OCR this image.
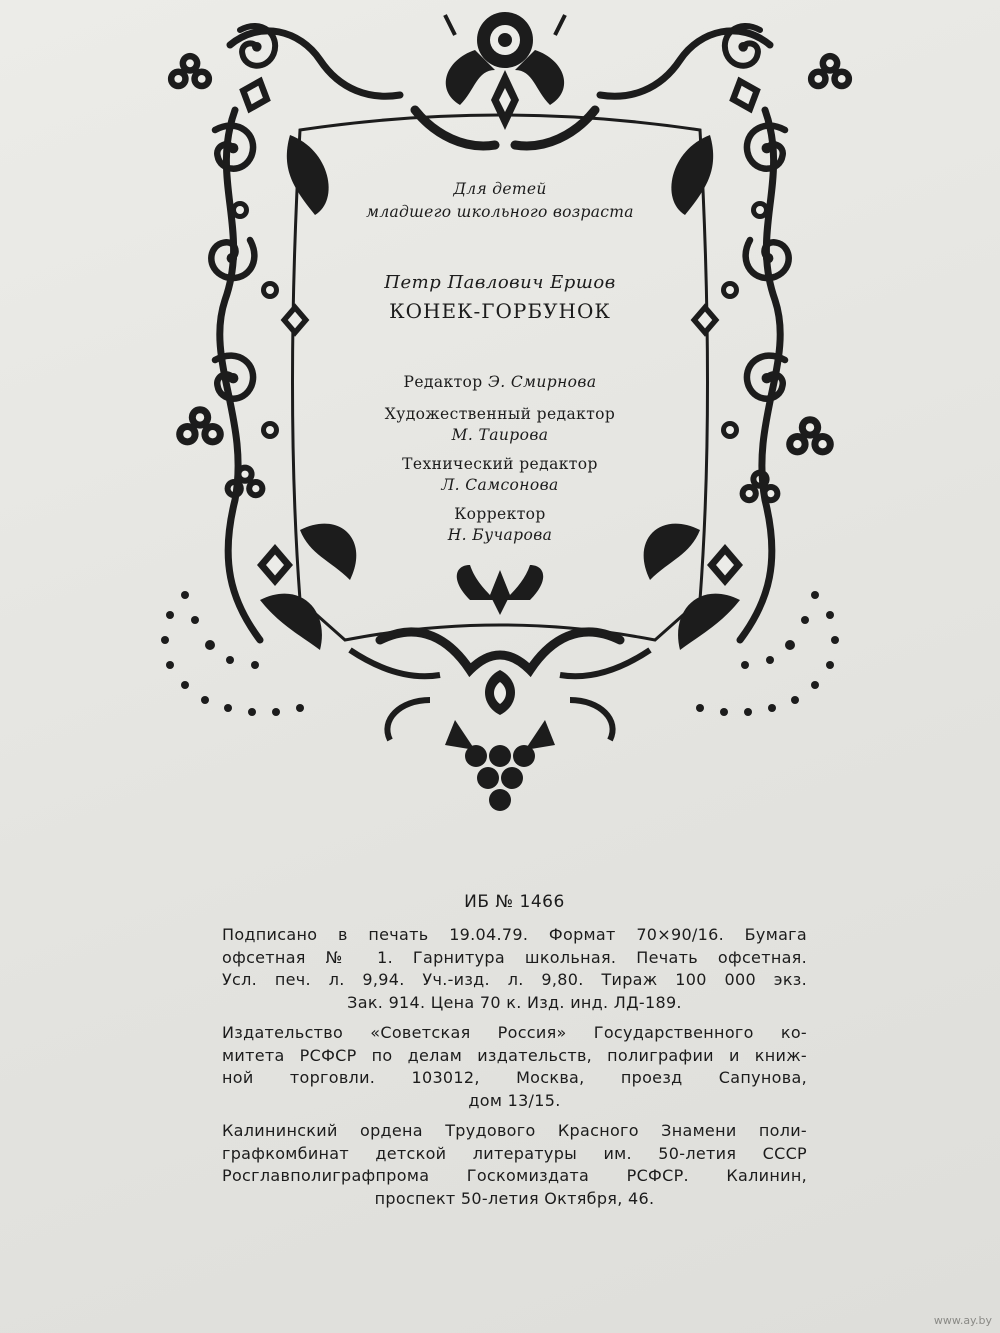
Для детей
младшего школьного возраста
Петр Павлович Ершов
КОНЕК-ГОРБУНОК
Редактор Э. Смирнова
Художественный редактор
М. Таирова
Технический редактор
Л. Самсонова
Корректор
Н. Бучарова
ИБ № 1466
Подписано в печать 19.04.79. Формат 70×90/16. Бумага
офсетная № 1. Гарнитура школьная. Печать офсетная.
Усл. печ. л. 9,94. Уч.-изд. л. 9,80. Тираж 100 000 экз.
Зак. 914. Цена 70 к. Изд. инд. ЛД-189.
Издательство «Советская Россия» Государственного ко-
митета РСФСР по делам издательств, полиграфии и книж-
ной торговли. 103012, Москва, проезд Сапунова,
дом 13/15.
Калининский ордена Трудового Красного Знамени поли-
графкомбинат детской литературы им. 50-летия СССР
Росглавполиграфпрома Госкомиздата РСФСР. Калинин,
проспект 50-летия Октября, 46.
www.ay.by
